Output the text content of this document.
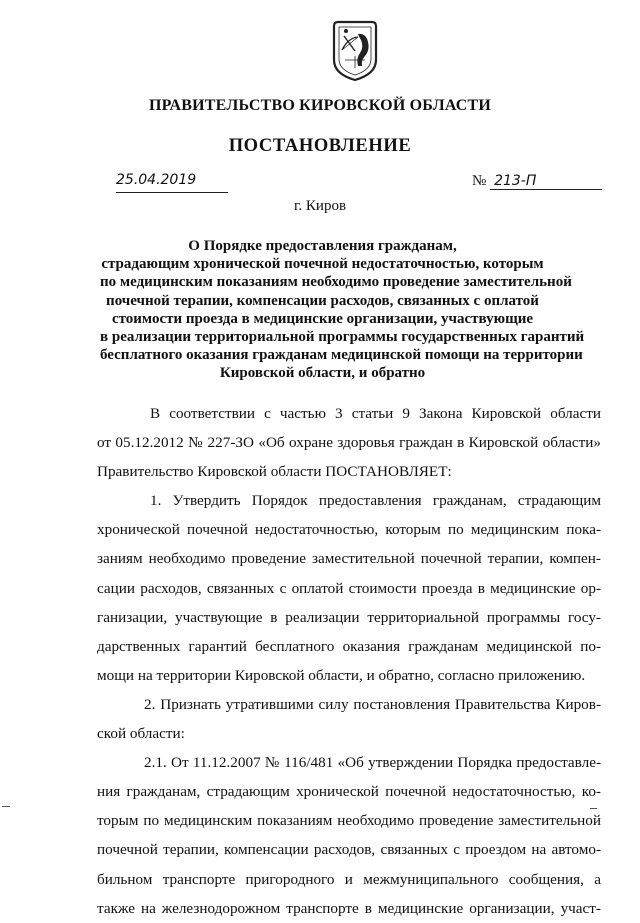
ПРАВИТЕЛЬСТВО КИРОВСКОЙ ОБЛАСТИ
ПОСТАНОВЛЕНИЕ
25.04.2019	№ 213-П
г. Киров
О Порядке предоставления гражданам,
страдающим хронической почечной недостаточностью, которым
по медицинским показаниям необходимо проведение заместительной
почечной терапии, компенсации расходов, связанных с оплатой
стоимости проезда в медицинские организации, участвующие
в реализации территориальной программы государственных гарантий
бесплатного оказания гражданам медицинской помощи на территории
Кировской области, и обратно
В соответствии с частью 3 статьи 9 Закона Кировской области
от 05.12.2012 № 227-ЗО «Об охране здоровья граждан в Кировской области»
Правительство Кировской области ПОСТАНОВЛЯЕТ:
1. Утвердить Порядок предоставления гражданам, страдающим
хронической почечной недостаточностью, которым по медицинским пока-
заниям необходимо проведение заместительной почечной терапии, компен-
сации расходов, связанных с оплатой стоимости проезда в медицинские ор-
ганизации, участвующие в реализации территориальной программы госу-
дарственных гарантий бесплатного оказания гражданам медицинской по-
мощи на территории Кировской области, и обратно, согласно приложению.
2. Признать утратившими силу постановления Правительства Киров-
ской области:
2.1. От 11.12.2007 № 116/481 «Об утверждении Порядка предоставле-
ния гражданам, страдающим хронической почечной недостаточностью, ко-
торым по медицинским показаниям необходимо проведение заместительной
почечной терапии, компенсации расходов, связанных с проездом на автомо-
бильном транспорте пригородного и межмуниципального сообщения, а
также на железнодорожном транспорте в медицинские организации, участ-
